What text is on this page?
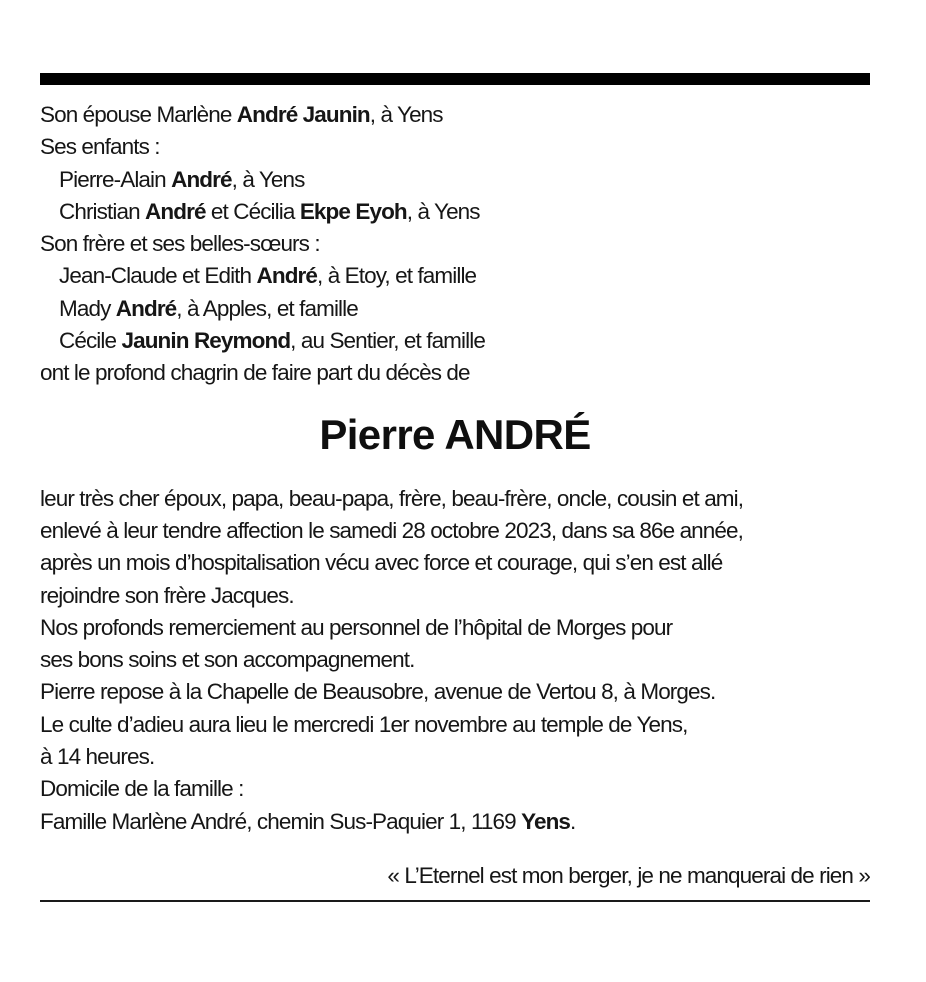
Son épouse Marlène André Jaunin, à Yens
Ses enfants :
Pierre-Alain André, à Yens
Christian André et Cécilia Ekpe Eyoh, à Yens
Son frère et ses belles-sœurs :
Jean-Claude et Edith André, à Etoy, et famille
Mady André, à Apples, et famille
Cécile Jaunin Reymond, au Sentier, et famille
ont le profond chagrin de faire part du décès de
Pierre ANDRÉ
leur très cher époux, papa, beau-papa, frère, beau-frère, oncle, cousin et ami,
enlevé à leur tendre affection le samedi 28 octobre 2023, dans sa 86e année,
après un mois d’hospitalisation vécu avec force et courage, qui s’en est allé
rejoindre son frère Jacques.
Nos profonds remerciement au personnel de l’hôpital de Morges pour
ses bons soins et son accompagnement.
Pierre repose à la Chapelle de Beausobre, avenue de Vertou 8, à Morges.
Le culte d’adieu aura lieu le mercredi 1er novembre au temple de Yens,
à 14 heures.
Domicile de la famille :
Famille Marlène André, chemin Sus-Paquier 1, 1169 Yens.
« L’Eternel est mon berger, je ne manquerai de rien »
